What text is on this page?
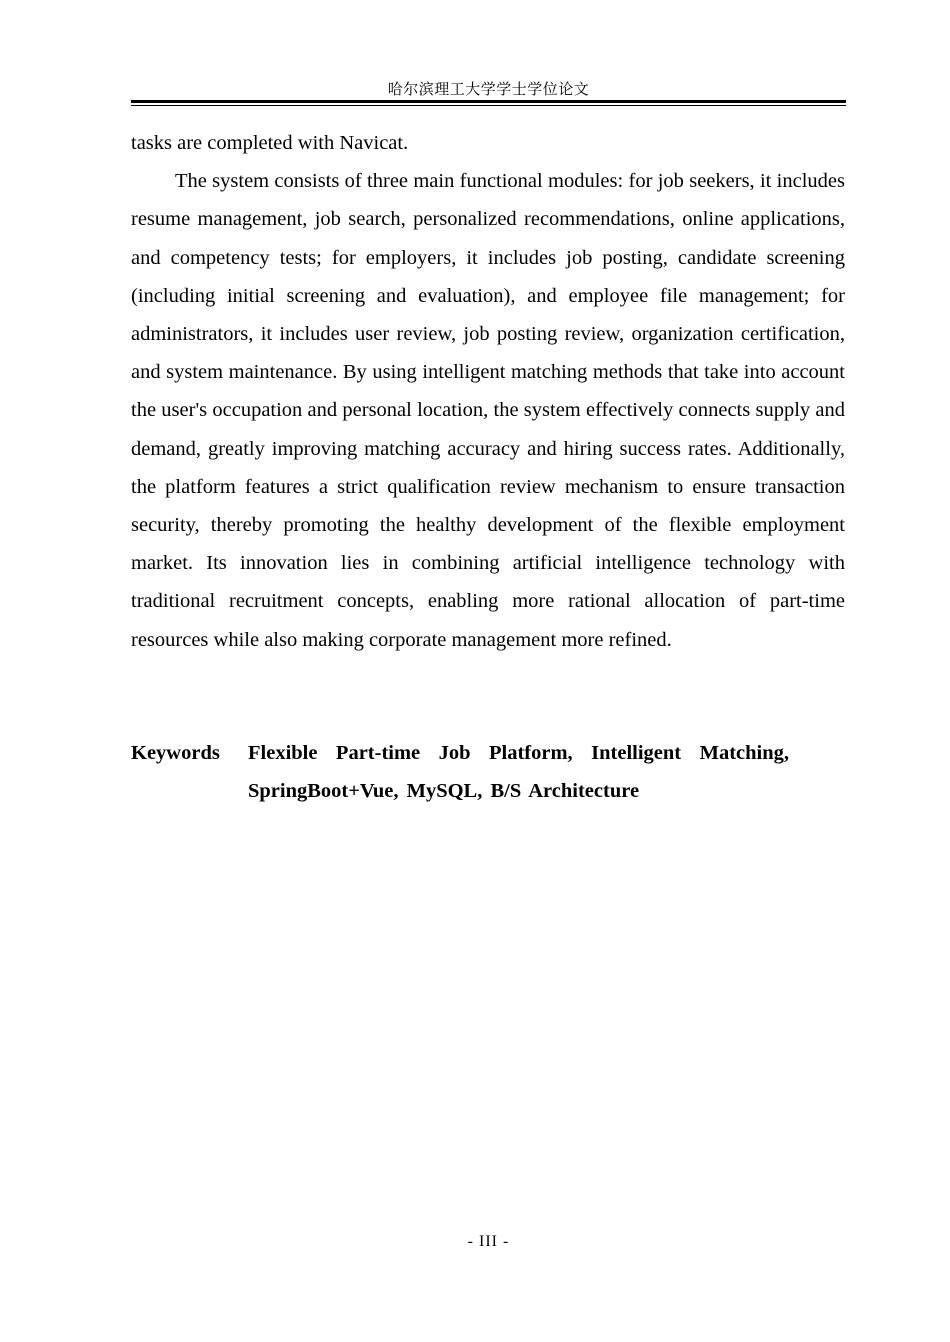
哈尔滨理工大学学士学位论文

tasks are completed with Navicat.

The system consists of three main functional modules: for job seekers, it includes resume management, job search, personalized recommendations, online applications, and competency tests; for employers, it includes job posting, candidate screening (including initial screening and evaluation), and employee file management; for administrators, it includes user review, job posting review, organization certification, and system maintenance. By using intelligent matching methods that take into account the user's occupation and personal location, the system effectively connects supply and demand, greatly improving matching accuracy and hiring success rates. Additionally, the platform features a strict qualification review mechanism to ensure transaction security, thereby promoting the healthy development of the flexible employment market. Its innovation lies in combining artificial intelligence technology with traditional recruitment concepts, enabling more rational allocation of part-time resources while also making corporate management more refined.

Keywords Flexible Part-time Job Platform, Intelligent Matching, SpringBoot+Vue, MySQL, B/S Architecture
- III -
